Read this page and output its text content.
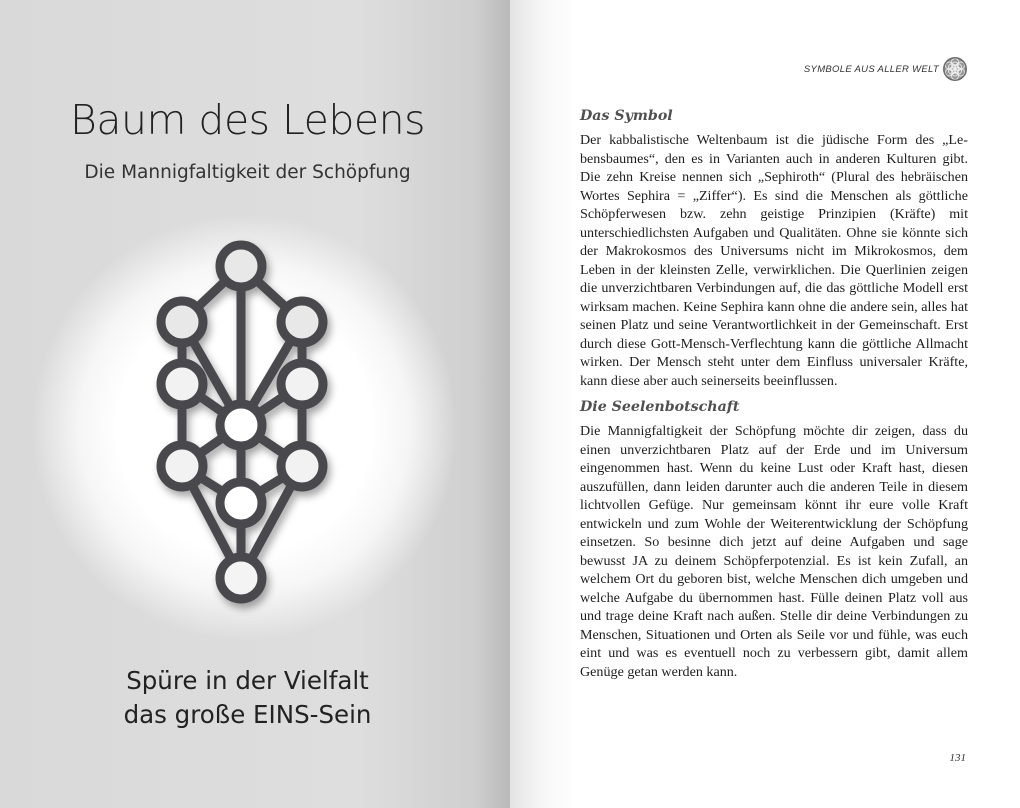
Baum des Lebens
Die Mannigfaltigkeit der Schöpfung
Spüre in der Vielfalt
das große EINS-Sein
SYMBOLE AUS ALLER WELT
Das Symbol

Der kabbalistische Weltenbaum ist die jüdische Form des „Lebensbaumes“, den es in Varianten auch in anderen Kulturen gibt. Die zehn Kreise nennen sich „Sephiroth“ (Plural des hebräischen Wortes Sephira = „Ziffer“). Es sind die Menschen als göttliche Schöpferwesen bzw. zehn geistige Prinzipien (Kräfte) mit unterschiedlichsten Aufgaben und Qualitäten. Ohne sie könnte sich der Makrokosmos des Universums nicht im Mikrokosmos, dem Leben in der kleinsten Zelle, verwirklichen. Die Querlinien zeigen die unverzichtbaren Verbindungen auf, die das göttliche Modell erst wirksam machen. Keine Sephira kann ohne die andere sein, alles hat seinen Platz und seine Verantwortlichkeit in der Gemeinschaft. Erst durch diese Gott-Mensch-Verflechtung kann die göttliche Allmacht wirken. Der Mensch steht unter dem Einfluss universaler Kräfte, kann diese aber auch seinerseits beeinflussen.

Die Seelenbotschaft

Die Mannigfaltigkeit der Schöpfung möchte dir zeigen, dass du einen unverzichtbaren Platz auf der Erde und im Universum eingenommen hast. Wenn du keine Lust oder Kraft hast, diesen auszufüllen, dann leiden darunter auch die anderen Teile in diesem lichtvollen Gefüge. Nur gemeinsam könnt ihr eure volle Kraft entwickeln und zum Wohle der Weiterentwicklung der Schöpfung einsetzen. So besinne dich jetzt auf deine Aufgaben und sage bewusst JA zu deinem Schöpferpotenzial. Es ist kein Zufall, an welchem Ort du geboren bist, welche Menschen dich umgeben und welche Aufgabe du übernommen hast. Fülle deinen Platz voll aus und trage deine Kraft nach außen. Stelle dir deine Verbindungen zu Menschen, Situationen und Orten als Seile vor und fühle, was euch eint und was es eventuell noch zu verbessern gibt, damit allem Genüge getan werden kann.

131
